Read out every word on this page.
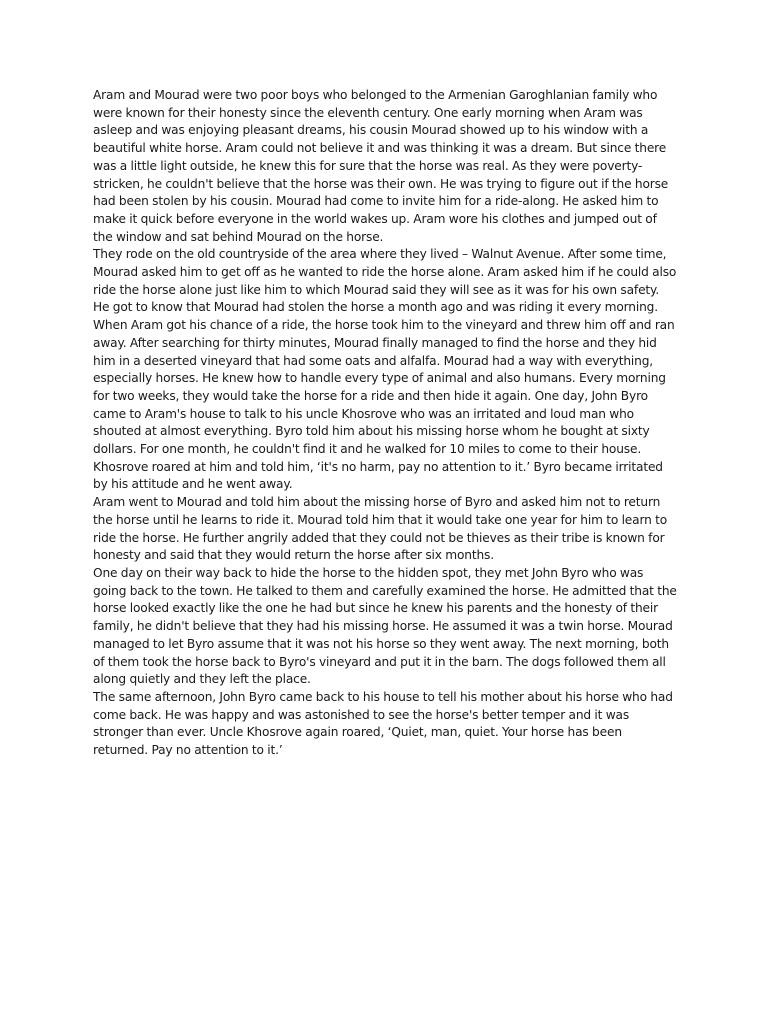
Aram and Mourad were two poor boys who belonged to the Armenian Garoghlanian family who were known for their honesty since the eleventh century. One early morning when Aram was asleep and was enjoying pleasant dreams, his cousin Mourad showed up to his window with a beautiful white horse. Aram could not believe it and was thinking it was a dream. But since there was a little light outside, he knew this for sure that the horse was real. As they were poverty-stricken, he couldn't believe that the horse was their own. He was trying to figure out if the horse had been stolen by his cousin. Mourad had come to invite him for a ride-along. He asked him to make it quick before everyone in the world wakes up. Aram wore his clothes and jumped out of the window and sat behind Mourad on the horse.

They rode on the old countryside of the area where they lived – Walnut Avenue. After some time, Mourad asked him to get off as he wanted to ride the horse alone. Aram asked him if he could also ride the horse alone just like him to which Mourad said they will see as it was for his own safety. He got to know that Mourad had stolen the horse a month ago and was riding it every morning.

When Aram got his chance of a ride, the horse took him to the vineyard and threw him off and ran away. After searching for thirty minutes, Mourad finally managed to find the horse and they hid him in a deserted vineyard that had some oats and alfalfa. Mourad had a way with everything, especially horses. He knew how to handle every type of animal and also humans. Every morning for two weeks, they would take the horse for a ride and then hide it again. One day, John Byro came to Aram's house to talk to his uncle Khosrove who was an irritated and loud man who shouted at almost everything. Byro told him about his missing horse whom he bought at sixty dollars. For one month, he couldn't find it and he walked for 10 miles to come to their house. Khosrove roared at him and told him, ‘it's no harm, pay no attention to it.’ Byro became irritated by his attitude and he went away.

Aram went to Mourad and told him about the missing horse of Byro and asked him not to return the horse until he learns to ride it. Mourad told him that it would take one year for him to learn to ride the horse. He further angrily added that they could not be thieves as their tribe is known for honesty and said that they would return the horse after six months.

One day on their way back to hide the horse to the hidden spot, they met John Byro who was going back to the town. He talked to them and carefully examined the horse. He admitted that the horse looked exactly like the one he had but since he knew his parents and the honesty of their family, he didn't believe that they had his missing horse. He assumed it was a twin horse. Mourad managed to let Byro assume that it was not his horse so they went away. The next morning, both of them took the horse back to Byro's vineyard and put it in the barn. The dogs followed them all along quietly and they left the place.

The same afternoon, John Byro came back to his house to tell his mother about his horse who had come back. He was happy and was astonished to see the horse's better temper and it was stronger than ever. Uncle Khosrove again roared, ‘Quiet, man, quiet. Your horse has been returned. Pay no attention to it.’
